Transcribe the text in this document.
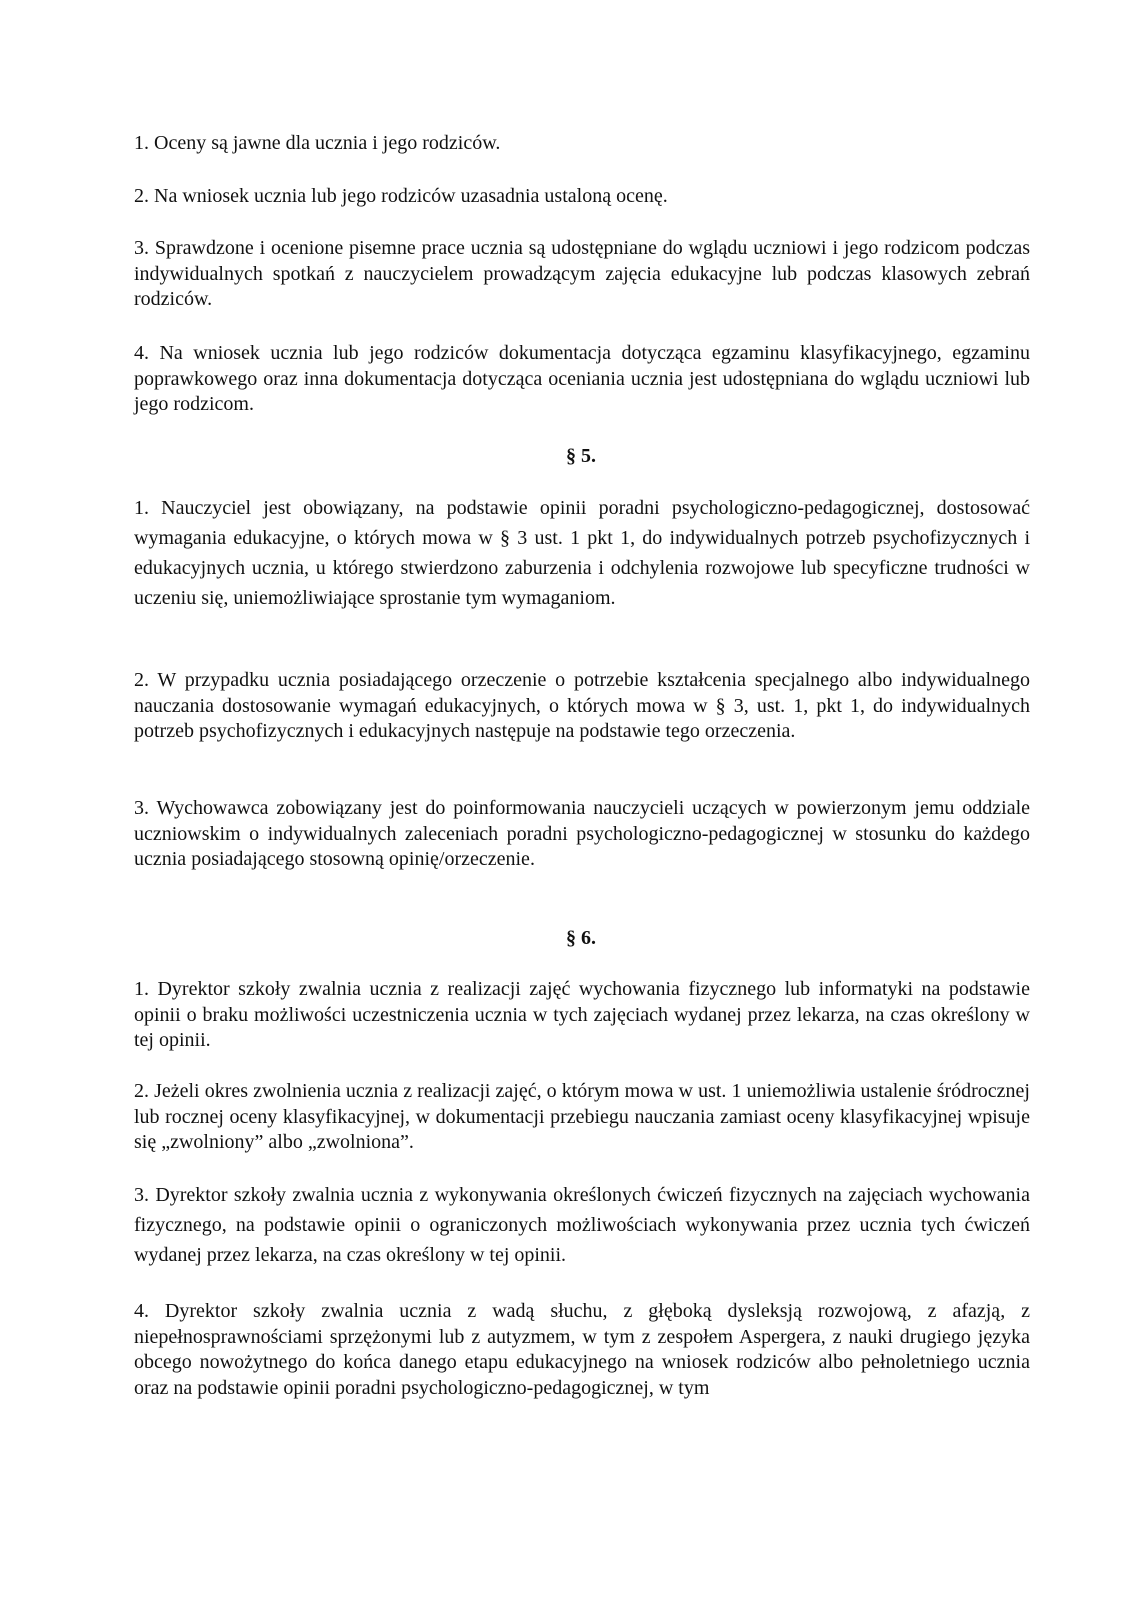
1. Oceny są jawne dla ucznia i jego rodziców.

2. Na wniosek ucznia lub jego rodziców uzasadnia ustaloną ocenę.

3. Sprawdzone i ocenione pisemne prace ucznia są udostępniane do wglądu uczniowi i jego rodzicom podczas indywidualnych spotkań z nauczycielem prowadzącym zajęcia edukacyjne lub podczas klasowych zebrań rodziców.

4. Na wniosek ucznia lub jego rodziców dokumentacja dotycząca egzaminu klasyfikacyjnego, egzaminu poprawkowego oraz inna dokumentacja dotycząca oceniania ucznia jest udostępniana do wglądu uczniowi lub jego rodzicom.

§ 5.

1. Nauczyciel jest obowiązany, na podstawie opinii poradni psychologiczno-pedagogicznej, dostosować wymagania edukacyjne, o których mowa w § 3 ust. 1 pkt 1, do indywidualnych potrzeb psychofizycznych i edukacyjnych ucznia, u którego stwierdzono zaburzenia i odchylenia rozwojowe lub specyficzne trudności w uczeniu się, uniemożliwiające sprostanie tym wymaganiom.

2. W przypadku ucznia posiadającego orzeczenie o potrzebie kształcenia specjalnego albo indywidualnego nauczania dostosowanie wymagań edukacyjnych, o których mowa w § 3, ust. 1, pkt 1, do indywidualnych potrzeb psychofizycznych i edukacyjnych następuje na podstawie tego orzeczenia.

3. Wychowawca zobowiązany jest do poinformowania nauczycieli uczących w powierzonym jemu oddziale uczniowskim o indywidualnych zaleceniach poradni psychologiczno-pedagogicznej w stosunku do każdego ucznia posiadającego stosowną opinię/orzeczenie.

§ 6.

1. Dyrektor szkoły zwalnia ucznia z realizacji zajęć wychowania fizycznego lub informatyki na podstawie opinii o braku możliwości uczestniczenia ucznia w tych zajęciach wydanej przez lekarza, na czas określony w tej opinii.

2. Jeżeli okres zwolnienia ucznia z realizacji zajęć, o którym mowa w ust. 1 uniemożliwia ustalenie śródrocznej lub rocznej oceny klasyfikacyjnej, w dokumentacji przebiegu nauczania zamiast oceny klasyfikacyjnej wpisuje się „zwolniony” albo „zwolniona”.

3. Dyrektor szkoły zwalnia ucznia z wykonywania określonych ćwiczeń fizycznych na zajęciach wychowania fizycznego, na podstawie opinii o ograniczonych możliwościach wykonywania przez ucznia tych ćwiczeń wydanej przez lekarza, na czas określony w tej opinii.

4. Dyrektor szkoły zwalnia ucznia z wadą słuchu, z głęboką dysleksją rozwojową, z afazją, z niepełnosprawnościami sprzężonymi lub z autyzmem, w tym z zespołem Aspergera, z nauki drugiego języka obcego nowożytnego do końca danego etapu edukacyjnego na wniosek rodziców albo pełnoletniego ucznia oraz na podstawie opinii poradni psychologiczno-pedagogicznej, w tym
